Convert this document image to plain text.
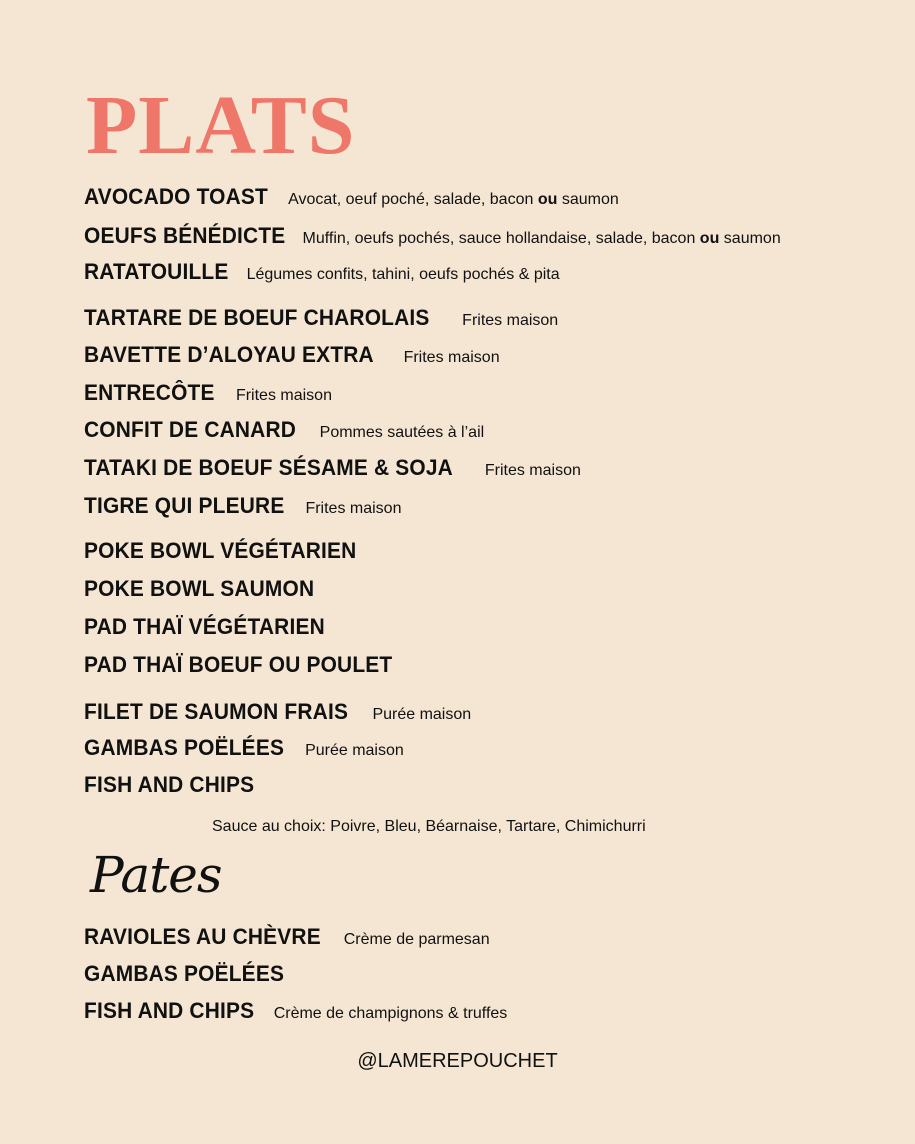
PLATS
AVOCADO TOAST Avocat, oeuf poché, salade, bacon ou saumon
OEUFS BÉNÉDICTE Muffin, oeufs pochés, sauce hollandaise, salade, bacon ou saumon
RATATOUILLE Légumes confits, tahini, oeufs pochés & pita
TARTARE DE BOEUF CHAROLAIS Frites maison
BAVETTE D’ALOYAU EXTRA Frites maison
ENTRECÔTE Frites maison
CONFIT DE CANARD Pommes sautées à l’ail
TATAKI DE BOEUF SÉSAME & SOJA Frites maison
TIGRE QUI PLEURE Frites maison
POKE BOWL VÉGÉTARIEN
POKE BOWL SAUMON
PAD THAÏ VÉGÉTARIEN
PAD THAÏ BOEUF OU POULET
FILET DE SAUMON FRAIS Purée maison
GAMBAS POËLÉES Purée maison
FISH AND CHIPS
Sauce au choix: Poivre, Bleu, Béarnaise, Tartare, Chimichurri
Pates
RAVIOLES AU CHÈVRE Crème de parmesan
GAMBAS POËLÉES
FISH AND CHIPS Crème de champignons & truffes
@LAMEREPOUCHET
